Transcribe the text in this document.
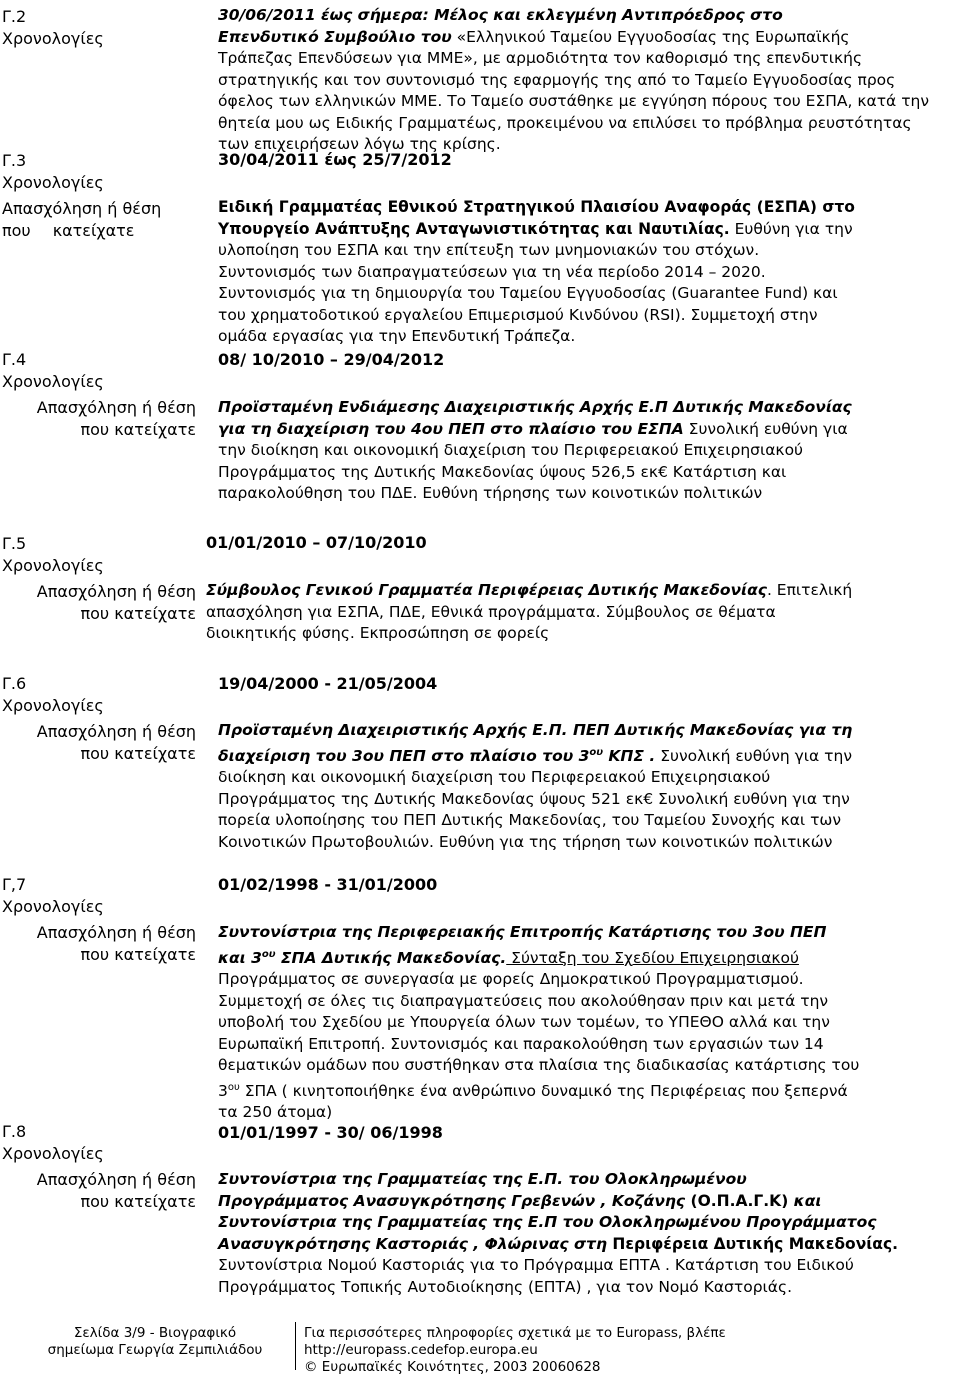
Γ.2
Χρονολογίες
Γ.3
Χρονολογίες
Απασχόληση ή θέση
που κατείχατε
Γ.4
Χρονολογίες
Απασχόληση ή θέση
που κατείχατε
Γ.5
Χρονολογίες
Απασχόληση ή θέση
που κατείχατε
Γ.6
Χρονολογίες
Απασχόληση ή θέση
που κατείχατε
Γ,7
Χρονολογίες
Απασχόληση ή θέση
που κατείχατε
Γ.8
Χρονολογίες
Απασχόληση ή θέση
που κατείχατε
30/06/2011 έως σήμερα: Μέλος και εκλεγμένη Αντιπρόεδρος στο
Επενδυτικό Συμβούλιο του «Ελληνικού Ταμείου Εγγυοδοσίας της Ευρωπαϊκής
Τράπεζας Επενδύσεων για ΜΜΕ», με αρμοδιότητα τον καθορισμό της επενδυτικής
στρατηγικής και τον συντονισμό της εφαρμογής της από το Ταμείο Εγγυοδοσίας προς
όφελος των ελληνικών ΜΜΕ. Το Ταμείο συστάθηκε με εγγύηση πόρους του ΕΣΠΑ, κατά την
θητεία μου ως Ειδικής Γραμματέως, προκειμένου να επιλύσει το πρόβλημα ρευστότητας
των επιχειρήσεων λόγω της κρίσης.
30/04/2011 έως 25/7/2012
Ειδική Γραμματέας Εθνικού Στρατηγικού Πλαισίου Αναφοράς (ΕΣΠΑ) στο
Υπουργείο Ανάπτυξης Ανταγωνιστικότητας και Ναυτιλίας. Ευθύνη για την
υλοποίηση του ΕΣΠΑ και την επίτευξη των μνημονιακών του στόχων.
Συντονισμός των διαπραγματεύσεων για τη νέα περίοδο 2014 – 2020.
Συντονισμός για τη δημιουργία του Ταμείου Εγγυοδοσίας (Guarantee Fund) και
του χρηματοδοτικού εργαλείου Επιμερισμού Κινδύνου (RSI). Συμμετοχή στην
ομάδα εργασίας για την Επενδυτική Τράπεζα.
08/ 10/2010 – 29/04/2012
Προϊσταμένη Ενδιάμεσης Διαχειριστικής Αρχής Ε.Π Δυτικής Μακεδονίας
για τη διαχείριση του 4ου ΠΕΠ στο πλαίσιο του ΕΣΠΑ Συνολική ευθύνη για
την διοίκηση και οικονομική διαχείριση του Περιφερειακού Επιχειρησιακού
Προγράμματος της Δυτικής Μακεδονίας ύψους 526,5 εκ€ Κατάρτιση και
παρακολούθηση του ΠΔΕ. Ευθύνη τήρησης των κοινοτικών πολιτικών
01/01/2010 – 07/10/2010
Σύμβουλος Γενικού Γραμματέα Περιφέρειας Δυτικής Μακεδονίας. Επιτελική
απασχόληση για ΕΣΠΑ, ΠΔΕ, Εθνικά προγράμματα. Σύμβουλος σε θέματα
διοικητικής φύσης. Εκπροσώπηση σε φορείς
19/04/2000 - 21/05/2004
Προϊσταμένη Διαχειριστικής Αρχής Ε.Π. ΠΕΠ Δυτικής Μακεδονίας για τη
διαχείριση του 3ου ΠΕΠ στο πλαίσιο του $3^{o\upsilon}$ ΚΠΣ . Συνολική ευθύνη για την
διοίκηση και οικονομική διαχείριση του Περιφερειακού Επιχειρησιακού
Προγράμματος της Δυτικής Μακεδονίας ύψους 521 εκ€ Συνολική ευθύνη για την
πορεία υλοποίησης του ΠΕΠ Δυτικής Μακεδονίας, του Ταμείου Συνοχής και των
Κοινοτικών Πρωτοβουλιών. Ευθύνη για της τήρηση των κοινοτικών πολιτικών
01/02/1998 - 31/01/2000
Συντονίστρια της Περιφερειακής Επιτροπής Κατάρτισης του 3ου ΠΕΠ
και $3^{o\upsilon}$ ΣΠΑ Δυτικής Μακεδονίας. Σύνταξη του Σχεδίου Επιχειρησιακού
Προγράμματος σε συνεργασία με φορείς Δημοκρατικού Προγραμματισμού.
Συμμετοχή σε όλες τις διαπραγματεύσεις που ακολούθησαν πριν και μετά την
υποβολή του Σχεδίου με Υπουργεία όλων των τομέων, το ΥΠΕΘΟ αλλά και την
Ευρωπαϊκή Επιτροπή. Συντονισμός και παρακολούθηση των εργασιών των 14
θεματικών ομάδων που συστήθηκαν στα πλαίσια της διαδικασίας κατάρτισης του
$3^{o\upsilon}$ ΣΠΑ ( κινητοποιήθηκε ένα ανθρώπινο δυναμικό της Περιφέρειας που ξεπερνά
τα 250 άτομα)
01/01/1997 - 30/ 06/1998
Συντονίστρια της Γραμματείας της Ε.Π. του Ολοκληρωμένου
Προγράμματος Ανασυγκρότησης Γρεβενών , Κοζάνης (Ο.Π.Α.Γ.Κ) και
Συντονίστρια της Γραμματείας της Ε.Π του Ολοκληρωμένου Προγράμματος
Ανασυγκρότησης Καστοριάς , Φλώρινας στη Περιφέρεια Δυτικής Μακεδονίας.
Συντονίστρια Νομού Καστοριάς για το Πρόγραμμα ΕΠΤΑ . Κατάρτιση του Ειδικού
Προγράμματος Τοπικής Αυτοδιοίκησης (ΕΠΤΑ) , για τον Νομό Καστοριάς.
Σελίδα 3/9 - Βιογραφικό
σημείωμα Γεωργία Ζεμπιλιάδου
Για περισσότερες πληροφορίες σχετικά με το Europass, βλέπε
http://europass.cedefop.europa.eu
© Ευρωπαϊκές Κοινότητες, 2003 20060628
